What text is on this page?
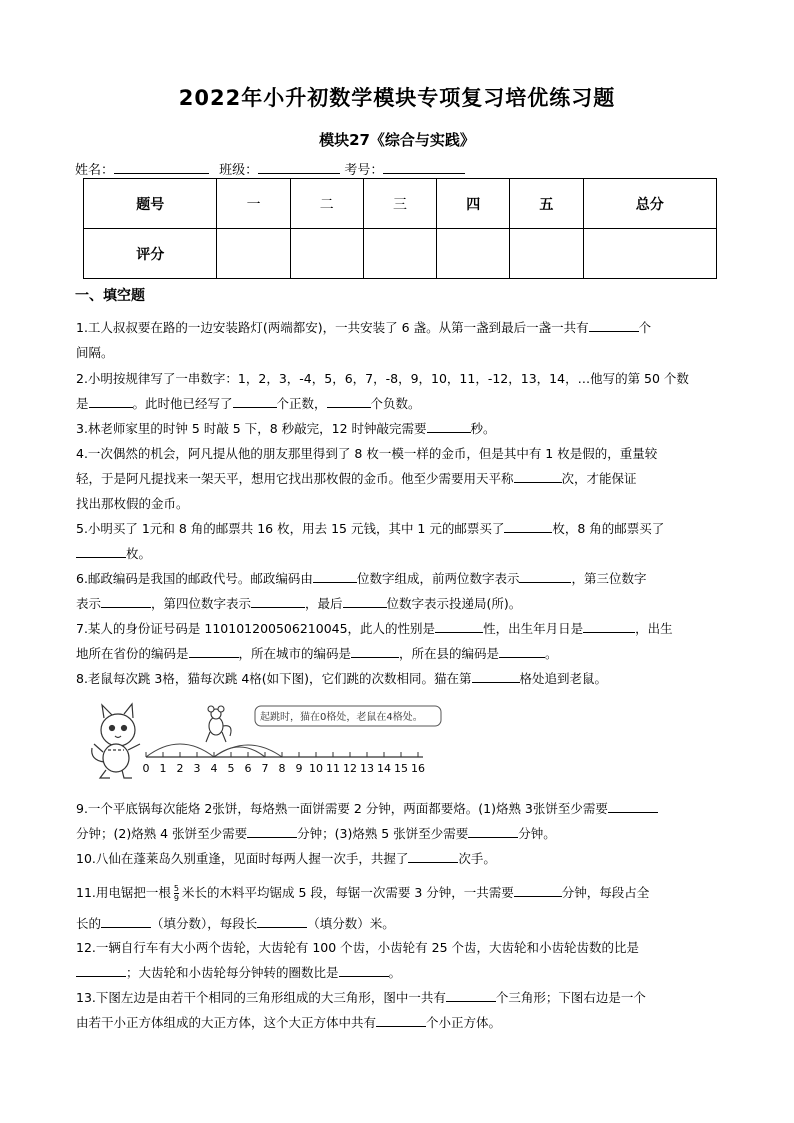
2022年小升初数学模块专项复习培优练习题
模块27《综合与实践》
姓名：	班级：	考号：
题号	一	二	三	四	五	总分
评分						
一、填空题
1.工人叔叔要在路的一边安装路灯(两端都安)，一共安装了 6 盏。从第一盏到最后一盏一共有	个
间隔。
2.小明按规律写了一串数字：1，2，3，-4，5，6，7，-8，9，10，11，-12，13，14，…他写的第 50 个数
是	。此时他已经写了	个正数，	个负数。
3.林老师家里的时钟 5 时敲 5 下，8 秒敲完，12 时钟敲完需要	秒。
4.一次偶然的机会，阿凡提从他的朋友那里得到了 8 枚一模一样的金币，但是其中有 1 枚是假的，重量较
轻，于是阿凡提找来一架天平，想用它找出那枚假的金币。他至少需要用天平称	次，才能保证
找出那枚假的金币。
5.小明买了 1元和 8 角的邮票共 16 枚，用去 15 元钱，其中 1 元的邮票买了	枚，8 角的邮票买了
枚。
6.邮政编码是我国的邮政代号。邮政编码由	位数字组成，前两位数字表示	，第三位数字
表示	，第四位数字表示	，最后	位数字表示投递局(所)。
7.某人的身份证号码是 110101200506210045，此人的性别是	性，出生年月日是	，出生
地所在省份的编码是	，所在城市的编码是	，所在县的编码是	。
8.老鼠每次跳 3格，猫每次跳 4格(如下图)，它们跳的次数相同。猫在第	格处追到老鼠。
起跳时，猫在0格处，老鼠在4格处。
0 1 2 3 4 5 6 7 8 9 10 11 12 13 14 15 16
9.一个平底锅每次能烙 2张饼，每烙熟一面饼需要 2 分钟，两面都要烙。(1)烙熟 3张饼至少需要
分钟；(2)烙熟 4 张饼至少需要	分钟；(3)烙熟 5 张饼至少需要	分钟。
10.八仙在蓬莱岛久别重逢，见面时每两人握一次手，共握了	次手。
11.用电锯把一根 $\frac{5}{9}$ 米长的木料平均锯成 5 段，每锯一次需要 3 分钟，一共需要	分钟，每段占全
长的	（填分数），每段长	（填分数）米。
12.一辆自行车有大小两个齿轮，大齿轮有 100 个齿，小齿轮有 25 个齿，大齿轮和小齿轮齿数的比是
；大齿轮和小齿轮每分钟转的圈数比是	。
13.下图左边是由若干个相同的三角形组成的大三角形，图中一共有	个三角形；下图右边是一个
由若干小正方体组成的大正方体，这个大正方体中共有	个小正方体。
